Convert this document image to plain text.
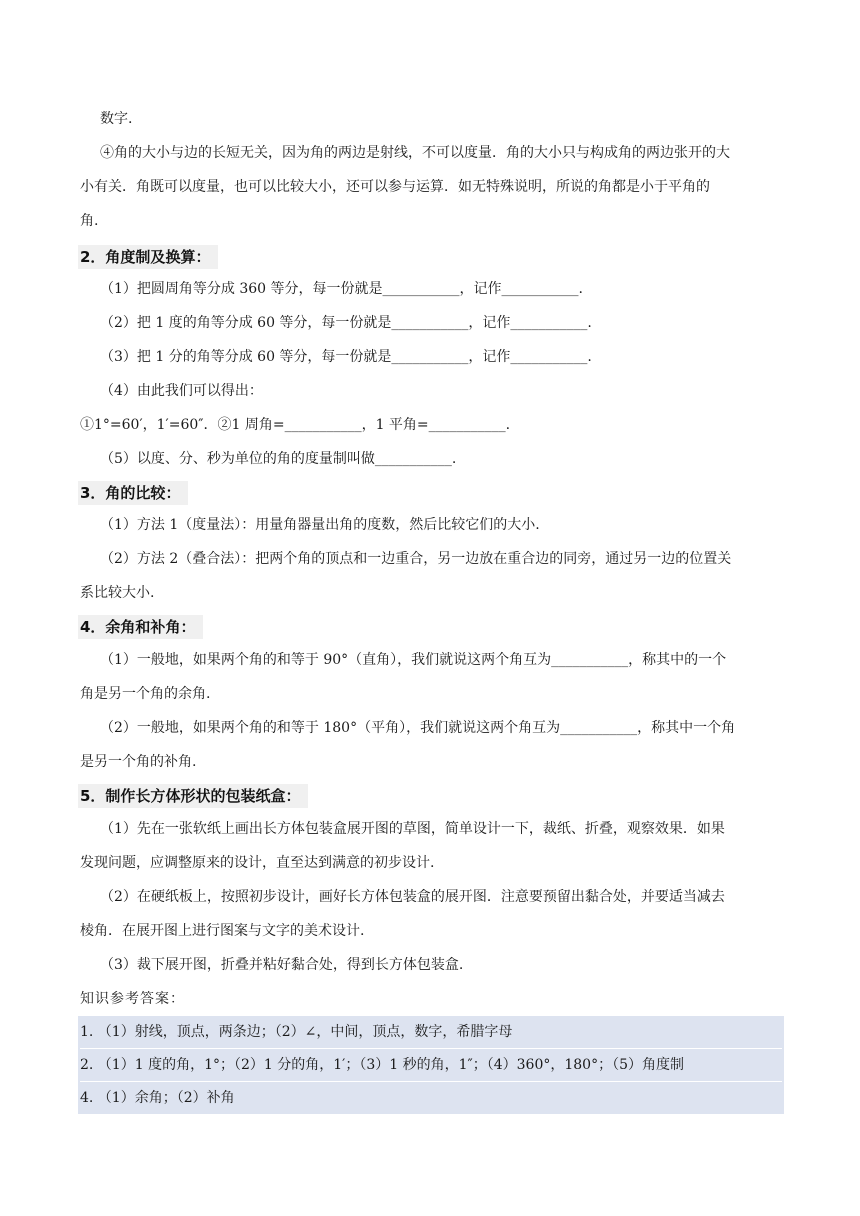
数字.
④角的大小与边的长短无关，因为角的两边是射线，不可以度量．角的大小只与构成角的两边张开的大
小有关．角既可以度量，也可以比较大小，还可以参与运算．如无特殊说明，所说的角都是小于平角的
角.
2．角度制及换算：
（1）把圆周角等分成 360 等分，每一份就是___________，记作___________.
（2）把 1 度的角等分成 60 等分，每一份就是___________，记作___________.
（3）把 1 分的角等分成 60 等分，每一份就是___________，记作___________.
（4）由此我们可以得出：
①1°=60′，1′=60″．②1 周角=___________，1 平角=___________.
（5）以度、分、秒为单位的角的度量制叫做___________.
3．角的比较：
（1）方法 1（度量法）：用量角器量出角的度数，然后比较它们的大小.
（2）方法 2（叠合法）：把两个角的顶点和一边重合，另一边放在重合边的同旁，通过另一边的位置关
系比较大小.
4．余角和补角：
（1）一般地，如果两个角的和等于 90°（直角），我们就说这两个角互为___________，称其中的一个
角是另一个角的余角.
（2）一般地，如果两个角的和等于 180°（平角），我们就说这两个角互为___________，称其中一个角
是另一个角的补角.
5．制作长方体形状的包装纸盒：
（1）先在一张软纸上画出长方体包装盒展开图的草图，简单设计一下，裁纸、折叠，观察效果．如果
发现问题，应调整原来的设计，直至达到满意的初步设计.
（2）在硬纸板上，按照初步设计，画好长方体包装盒的展开图．注意要预留出黏合处，并要适当减去
棱角．在展开图上进行图案与文字的美术设计.
（3）裁下展开图，折叠并粘好黏合处，得到长方体包装盒.
知识参考答案：
1. （1）射线，顶点，两条边；（2）∠，中间，顶点，数字，希腊字母
2. （1）1 度的角，1°；（2）1 分的角，1′；（3）1 秒的角，1″；（4）360°，180°；（5）角度制
4. （1）余角；（2）补角
